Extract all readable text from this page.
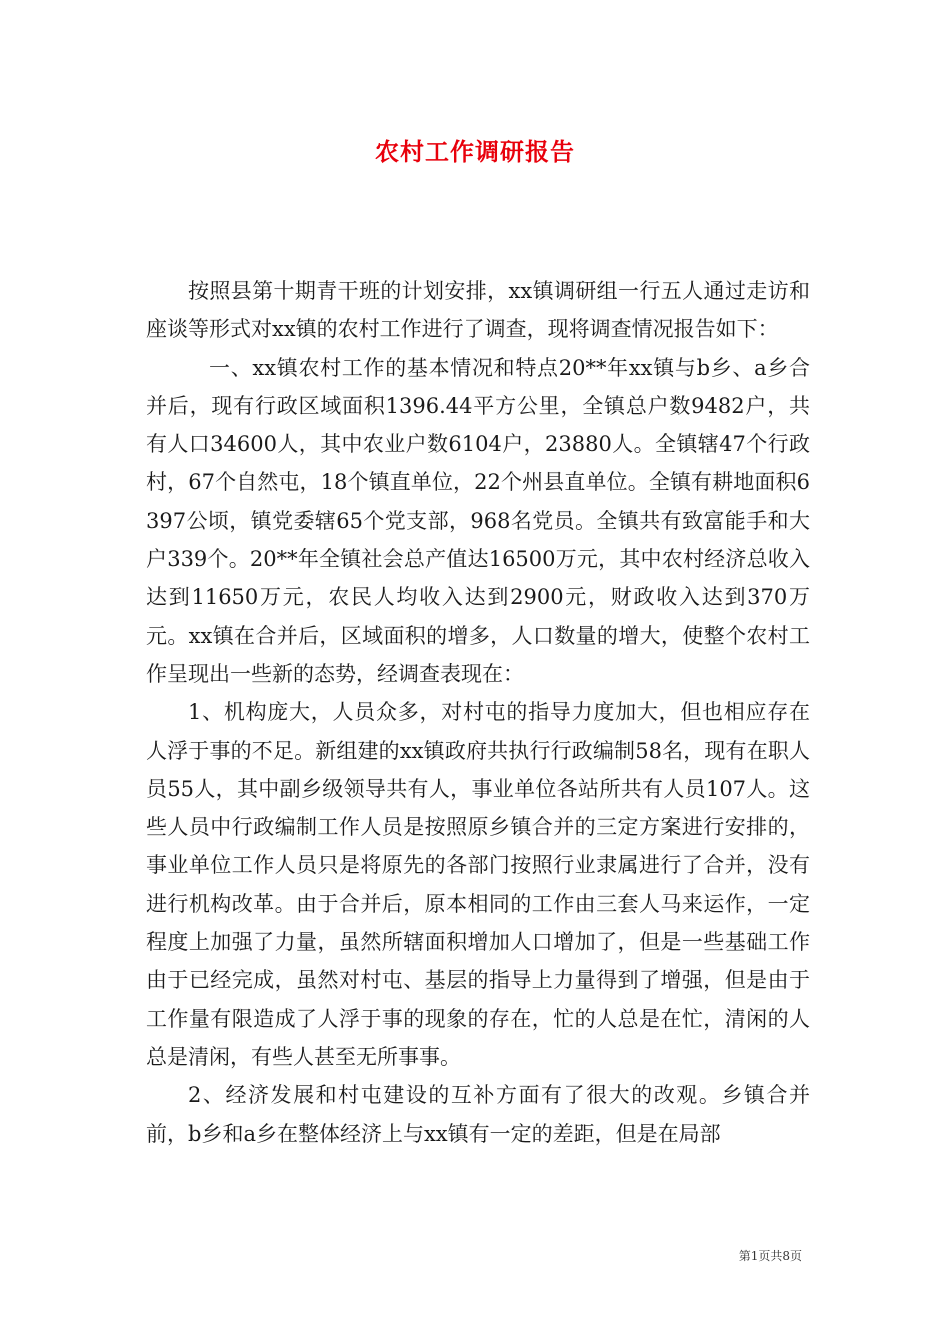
农村工作调研报告

按照县第十期青干班的计划安排，xx镇调研组一行五人通过走访和座谈等形式对xx镇的农村工作进行了调查，现将调查情况报告如下：

一、xx镇农村工作的基本情况和特点20**年xx镇与b乡、a乡合并后，现有行政区域面积1396.44平方公里，全镇总户数9482户，共有人口34600人，其中农业户数6104户，23880人。全镇辖47个行政村，67个自然屯，18个镇直单位，22个州县直单位。全镇有耕地面积6397公顷，镇党委辖65个党支部，968名党员。全镇共有致富能手和大户339个。20**年全镇社会总产值达16500万元，其中农村经济总收入达到11650万元，农民人均收入达到2900元，财政收入达到370万元。xx镇在合并后，区域面积的增多，人口数量的增大，使整个农村工作呈现出一些新的态势，经调查表现在：

1、机构庞大，人员众多，对村屯的指导力度加大，但也相应存在人浮于事的不足。新组建的xx镇政府共执行行政编制58名，现有在职人员55人，其中副乡级领导共有人，事业单位各站所共有人员107人。这些人员中行政编制工作人员是按照原乡镇合并的三定方案进行安排的，事业单位工作人员只是将原先的各部门按照行业隶属进行了合并，没有进行机构改革。由于合并后，原本相同的工作由三套人马来运作，一定程度上加强了力量，虽然所辖面积增加人口增加了，但是一些基础工作由于已经完成，虽然对村屯、基层的指导上力量得到了增强，但是由于工作量有限造成了人浮于事的现象的存在，忙的人总是在忙，清闲的人总是清闲，有些人甚至无所事事。

2、经济发展和村屯建设的互补方面有了很大的改观。乡镇合并前，b乡和a乡在整体经济上与xx镇有一定的差距，但是在局部

第1页共8页
